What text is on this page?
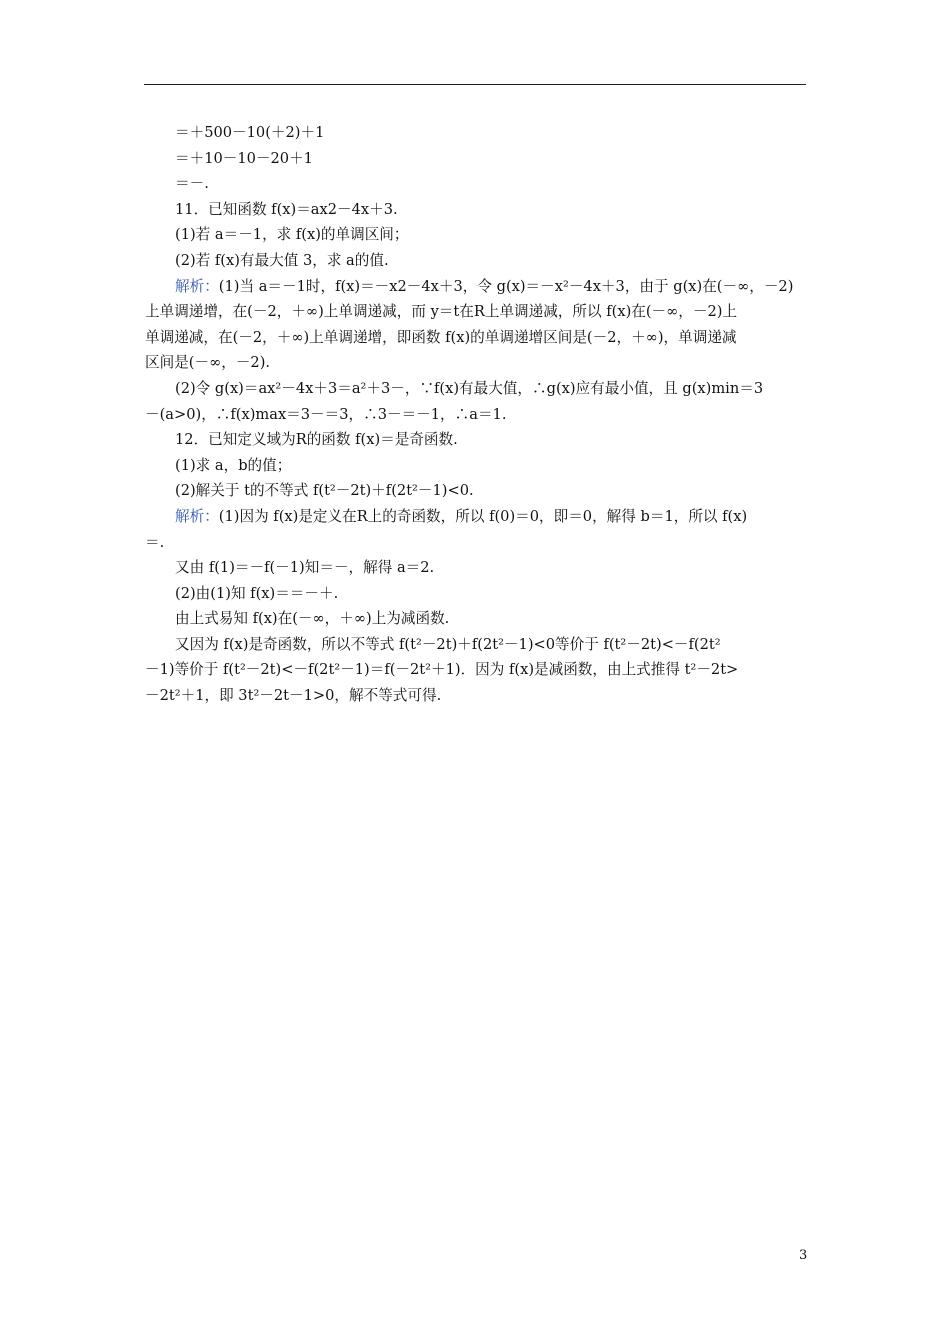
＝＋500－10(＋2)＋1
＝＋10－10－20＋1
＝－.
11．已知函数 f(x)＝ax2－4x＋3.
(1)若 a＝－1，求 f(x)的单调区间；
(2)若 f(x)有最大值 3，求 a的值.
解析：(1)当 a＝－1时，f(x)＝－x2－4x＋3，令 g(x)＝－x²－4x＋3，由于 g(x)在(－∞，－2)
上单调递增，在(－2，＋∞)上单调递减，而 y＝t在R上单调递减，所以 f(x)在(－∞，－2)上
单调递减，在(－2，＋∞)上单调递增，即函数 f(x)的单调递增区间是(－2，＋∞)，单调递减
区间是(－∞，－2).
(2)令 g(x)＝ax²－4x＋3＝a²＋3－，∵f(x)有最大值，∴g(x)应有最小值，且 g(x)min＝3
－(a>0)，∴f(x)max＝3－＝3，∴3－＝－1，∴a＝1.
12．已知定义域为R的函数 f(x)＝是奇函数.
(1)求 a，b的值；
(2)解关于 t的不等式 f(t²－2t)＋f(2t²－1)<0.
解析：(1)因为 f(x)是定义在R上的奇函数，所以 f(0)＝0，即＝0，解得 b＝1，所以 f(x)
＝.
又由 f(1)＝－f(－1)知＝－，解得 a＝2.
(2)由(1)知 f(x)＝＝－＋.
由上式易知 f(x)在(－∞，＋∞)上为减函数.
又因为 f(x)是奇函数，所以不等式 f(t²－2t)＋f(2t²－1)<0等价于 f(t²－2t)<－f(2t²
－1)等价于 f(t²－2t)<－f(2t²－1)＝f(－2t²＋1)．因为 f(x)是减函数，由上式推得 t²－2t>
－2t²＋1，即 3t²－2t－1>0，解不等式可得.
3
